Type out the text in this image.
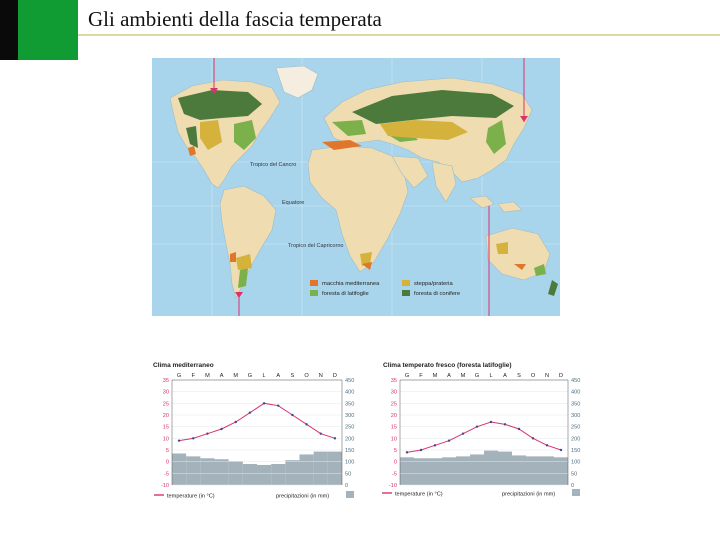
Gli ambienti della fascia temperata
Tropico del Cancro
Equatore
Tropico del Capricorno
macchia mediterranea	steppa/prateria
foresta di latifoglie	foresta di conifere
Clima mediterraneo
G F M A M G L A S O N D
35
30
25
20
15
10
5
0
-5
-10
450
400
350
300
250
200
150
100
50
0
temperature (in °C)	precipitazioni (in mm)
Clima temperato fresco (foresta latifoglie)
G F M A M G L A S O N D
35
30
25
20
15
10
5
0
-5
-10
450
400
350
300
250
200
150
100
50
0
temperature (in °C)	precipitazioni (in mm)
